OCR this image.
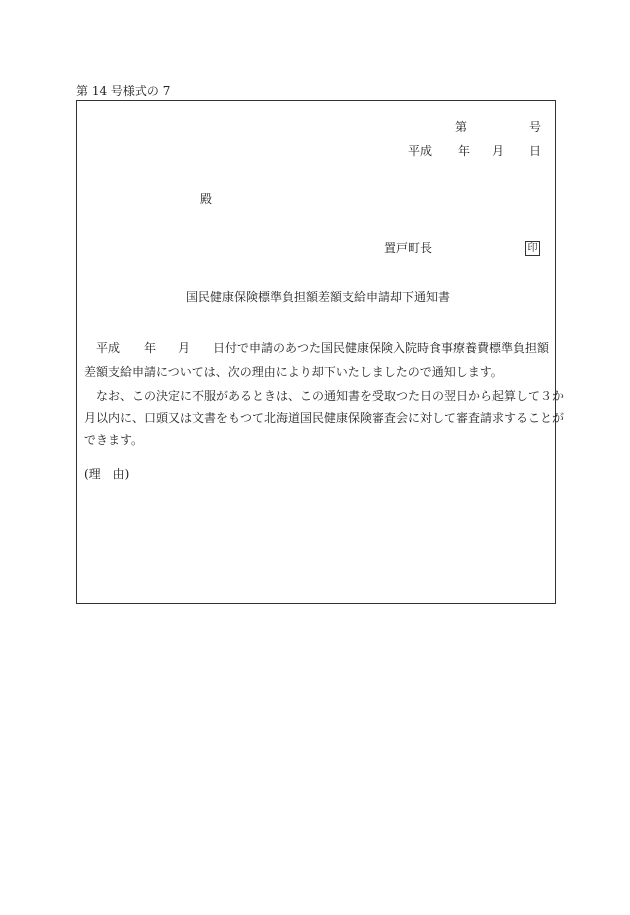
第 14 号様式の 7
第	号
平成 年 月 日
殿
置戸町長	印
国民健康保険標準負担額差額支給申請却下通知書
平成 年 月 日付で申請のあつた国民健康保険入院時食事療養費標準負担額
差額支給申請については、次の理由により却下いたしましたので通知します。
なお、この決定に不服があるときは、この通知書を受取つた日の翌日から起算して３か
月以内に、口頭又は文書をもつて北海道国民健康保険審査会に対して審査請求することが
できます。
(理　由)
